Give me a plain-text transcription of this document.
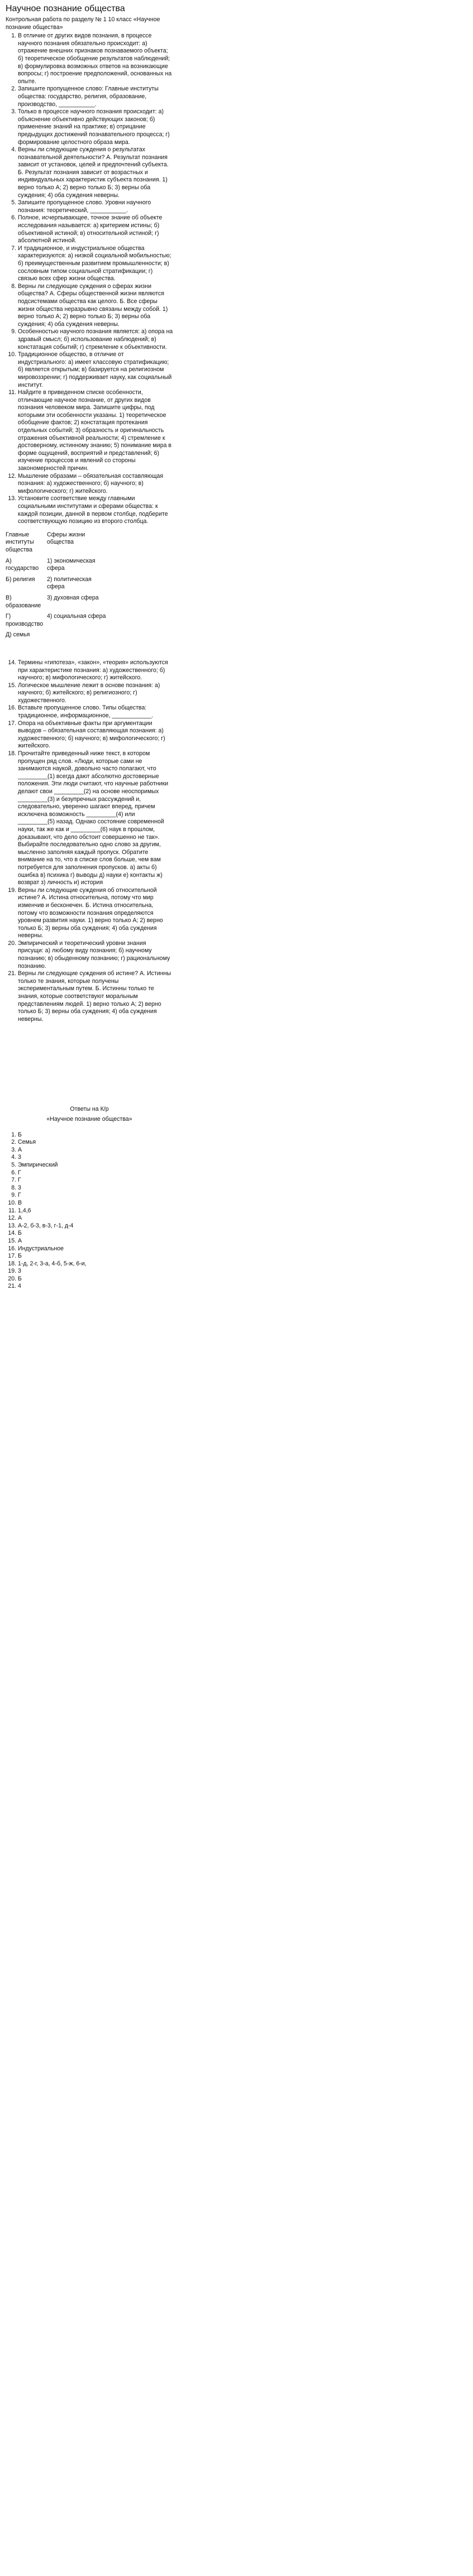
Научное познание общества

Контрольная работа по разделу № 1 10 класс «Научное познание общества»

1. В отличие от других видов познания, в процессе научного познания обязательно происходит: а) отражение внешних признаков познаваемого объекта; б) теоретическое обобщение результатов наблюдений; в) формулировка возможных ответов на возникающие вопросы; г) построение предположений, основанных на опыте.
2. Запишите пропущенное слово: Главные институты общества: государство, религия, образование, производство, ___________.
3. Только в процессе научного познания происходит: а) объяснение объективно действующих законов; б) применение знаний на практике; в) отрицание предыдущих достижений познавательного процесса; г) формирование целостного образа мира.
4. Верны ли следующие суждения о результатах познавательной деятельности? А. Результат познания зависит от установок, целей и предпочтений субъекта. Б. Результат познания зависит от возрастных и индивидуальных характеристик субъекта познания. 1) верно только А; 2) верно только Б; 3) верны оба суждения; 4) оба суждения неверны.
5. Запишите пропущенное слово. Уровни научного познания: теоретический, ___________.
6. Полное, исчерпывающее, точное знание об объекте исследования называется: а) критерием истины; б) объективной истиной; в) относительной истиной; г) абсолютной истиной.
7. И традиционное, и индустриальное общества характеризуются: а) низкой социальной мобильностью; б) преимущественным развитием промышленности; в) сословным типом социальной стратификации; г) связью всех сфер жизни общества.
8. Верны ли следующие суждения о сферах жизни общества? А. Сферы общественной жизни являются подсистемами общества как целого. Б. Все сферы жизни общества неразрывно связаны между собой. 1) верно только А; 2) верно только Б; 3) верны оба суждения; 4) оба суждения неверны.
9. Особенностью научного познания является: а) опора на здравый смысл; б) использование наблюдений; в) констатация событий; г) стремление к объективности.
10. Традиционное общество, в отличие от индустриального: а) имеет классовую стратификацию; б) является открытым; в) базируется на религиозном мировоззрении; г) поддерживает науку, как социальный институт.
11. Найдите в приведенном списке особенности, отличающие научное познание, от других видов познания человеком мира. Запишите цифры, под которыми эти особенности указаны. 1) теоретическое обобщение фактов; 2) констатация протекания отдельных событий; 3) образность и оригинальность отражения объективной реальности; 4) стремление к достоверному, истинному знанию; 5) понимание мира в форме ощущений, восприятий и представлений; 6) изучение процессов и явлений со стороны закономерностей причин.
12. Мышление образами – обязательная составляющая познания: а) художественного; б) научного; в) мифологического; г) житейского.
13. Установите соответствие между главными социальными институтами и сферами общества: к каждой позиции, данной в первом столбце, подберите соответствующую позицию из второго столбца.
Главные институты общества	Сферы жизни общества
А) государство	1) экономическая сфера
Б) религия	2) политическая сфера
В) образование	3) духовная сфера
Г) производство	4) социальная сфера
Д) семья	
14. Термины «гипотеза», «закон», «теория» используются при характеристике познания: а) художественного; б) научного; в) мифологического; г) житейского.
15. Логическое мышление лежит в основе познания: а) научного; б) житейского; в) религиозного; г) художественного.
16. Вставьте пропущенное слово. Типы общества: традиционное, информационное, ____________.
17. Опора на объективные факты при аргументации выводов – обязательная составляющая познания: а) художественного; б) научного; в) мифологического; г) житейского.
18. Прочитайте приведенный ниже текст, в котором пропущен ряд слов. «Люди, которые сами не занимаются наукой, довольно часто полагают, что _________(1) всегда дают абсолютно достоверные положения. Эти люди считают, что научные работники делают свои _________(2) на основе неоспоримых _________(3) и безупречных рассуждений и, следовательно, уверенно шагают вперед, причем исключена возможность _________(4) или _________(5) назад. Однако состояние современной науки, так же как и _________(6) наук в прошлом, доказывают, что дело обстоит совершенно не так». Выбирайте последовательно одно слово за другим, мысленно заполняя каждый пропуск. Обратите внимание на то, что в списке слов больше, чем вам потребуется для заполнения пропусков. а) акты б) ошибка в) психика г) выводы д) науки е) контакты ж) возврат з) личность и) история
19. Верны ли следующие суждения об относительной истине? А. Истина относительна, потому что мир изменчив и бесконечен. Б. Истина относительна, потому что возможности познания определяются уровнем развития науки. 1) верно только А; 2) верно только Б; 3) верны оба суждения; 4) оба суждения неверны.
20. Эмпирический и теоретический уровни знания присущи: а) любому виду познания; б) научному познанию; в) обыденному познанию; г) рациональному познанию.
21. Верны ли следующие суждения об истине? А. Истинны только те знания, которые получены экспериментальным путем. Б. Истинны только те знания, которые соответствуют моральным представлениям людей. 1) верно только А; 2) верно только Б; 3) верны оба суждения; 4) оба суждения неверны.

Ответы на К/р

«Научное познание общества»

1. Б
2. Семья
3. А
4. 3
5. Эмпирический
6. Г
7. Г
8. 3
9. Г
10. В
11. 1,4,6
12. А
13. А-2, б-3, в-3, г-1, д-4
14. Б
15. А
16. Индустриальное
17. Б
18. 1-д, 2-г, 3-а, 4-б, 5-ж, 6-и,
19. 3
20. Б
21. 4
